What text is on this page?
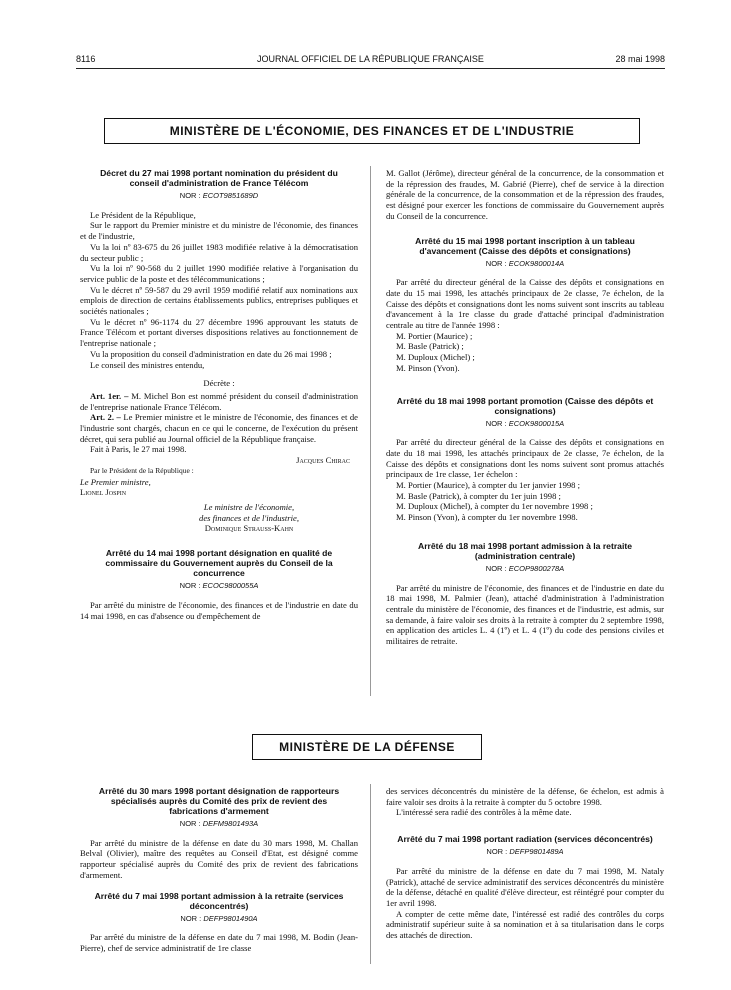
8116	JOURNAL OFFICIEL DE LA RÉPUBLIQUE FRANÇAISE	28 mai 1998
MINISTÈRE DE L'ÉCONOMIE, DES FINANCES ET DE L'INDUSTRIE
Décret du 27 mai 1998 portant nomination du président du conseil d'administration de France Télécom
NOR : ECOT9851689D

Le Président de la République,

Sur le rapport du Premier ministre et du ministre de l'économie, des finances et de l'industrie,

Vu la loi nº 83-675 du 26 juillet 1983 modifiée relative à la démocratisation du secteur public ;

Vu la loi nº 90-568 du 2 juillet 1990 modifiée relative à l'organisation du service public de la poste et des télécommunications ;

Vu le décret nº 59-587 du 29 avril 1959 modifié relatif aux nominations aux emplois de direction de certains établissements publics, entreprises publiques et sociétés nationales ;

Vu le décret nº 96-1174 du 27 décembre 1996 approuvant les statuts de France Télécom et portant diverses dispositions relatives au fonctionnement de l'entreprise nationale ;

Vu la proposition du conseil d'administration en date du 26 mai 1998 ;

Le conseil des ministres entendu,

Décrète :

Art. 1er. – M. Michel Bon est nommé président du conseil d'administration de l'entreprise nationale France Télécom.

Art. 2. – Le Premier ministre et le ministre de l'économie, des finances et de l'industrie sont chargés, chacun en ce qui le concerne, de l'exécution du présent décret, qui sera publié au Journal officiel de la République française.

Fait à Paris, le 27 mai 1998.

Jacques Chirac

Par le Président de la République :

Le Premier ministre,

Lionel Jospin

Le ministre de l'économie,

des finances et de l'industrie,

Dominique Strauss-Kahn

Arrêté du 14 mai 1998 portant désignation en qualité de commissaire du Gouvernement auprès du Conseil de la concurrence
NOR : ECOC9800055A

Par arrêté du ministre de l'économie, des finances et de l'industrie en date du 14 mai 1998, en cas d'absence ou d'empêchement de

M. Gallot (Jérôme), directeur général de la concurrence, de la consommation et de la répression des fraudes, M. Gabrié (Pierre), chef de service à la direction générale de la concurrence, de la consommation et de la répression des fraudes, est désigné pour exercer les fonctions de commissaire du Gouvernement auprès du Conseil de la concurrence.

Arrêté du 15 mai 1998 portant inscription à un tableau d'avancement (Caisse des dépôts et consignations)
NOR : ECOK9800014A

Par arrêté du directeur général de la Caisse des dépôts et consignations en date du 15 mai 1998, les attachés principaux de 2e classe, 7e échelon, de la Caisse des dépôts et consignations dont les noms suivent sont inscrits au tableau d'avancement à la 1re classe du grade d'attaché principal d'administration centrale au titre de l'année 1998 :

M. Portier (Maurice) ;

M. Basle (Patrick) ;

M. Duploux (Michel) ;

M. Pinson (Yvon).

Arrêté du 18 mai 1998 portant promotion (Caisse des dépôts et consignations)
NOR : ECOK9800015A

Par arrêté du directeur général de la Caisse des dépôts et consignations en date du 18 mai 1998, les attachés principaux de 2e classe, 7e échelon, de la Caisse des dépôts et consignations dont les noms suivent sont promus attachés principaux de 1re classe, 1er échelon :

M. Portier (Maurice), à compter du 1er janvier 1998 ;

M. Basle (Patrick), à compter du 1er juin 1998 ;

M. Duploux (Michel), à compter du 1er novembre 1998 ;

M. Pinson (Yvon), à compter du 1er novembre 1998.

Arrêté du 18 mai 1998 portant admission à la retraite (administration centrale)
NOR : ECOP9800278A

Par arrêté du ministre de l'économie, des finances et de l'industrie en date du 18 mai 1998, M. Palmier (Jean), attaché d'administration à l'administration centrale du ministère de l'économie, des finances et de l'industrie, est admis, sur sa demande, à faire valoir ses droits à la retraite à compter du 2 septembre 1998, en application des articles L. 4 (1º) et L. 4 (1º) du code des pensions civiles et militaires de retraite.

MINISTÈRE DE LA DÉFENSE
Arrêté du 30 mars 1998 portant désignation de rapporteurs spécialisés auprès du Comité des prix de revient des fabrications d'armement
NOR : DEFM9801493A

Par arrêté du ministre de la défense en date du 30 mars 1998, M. Challan Belval (Olivier), maître des requêtes au Conseil d'Etat, est désigné comme rapporteur spécialisé auprès du Comité des prix de revient des fabrications d'armement.

Arrêté du 7 mai 1998 portant admission à la retraite (services déconcentrés)
NOR : DEFP9801490A

Par arrêté du ministre de la défense en date du 7 mai 1998, M. Bodin (Jean-Pierre), chef de service administratif de 1re classe

des services déconcentrés du ministère de la défense, 6e échelon, est admis à faire valoir ses droits à la retraite à compter du 5 octobre 1998.

L'intéressé sera radié des contrôles à la même date.

Arrêté du 7 mai 1998 portant radiation (services déconcentrés)
NOR : DEFP9801489A

Par arrêté du ministre de la défense en date du 7 mai 1998, M. Nataly (Patrick), attaché de service administratif des services déconcentrés du ministère de la défense, détaché en qualité d'élève directeur, est réintégré pour compter du 1er avril 1998.

A compter de cette même date, l'intéressé est radié des contrôles du corps administratif supérieur suite à sa nomination et à sa titularisation dans le corps des attachés de direction.
